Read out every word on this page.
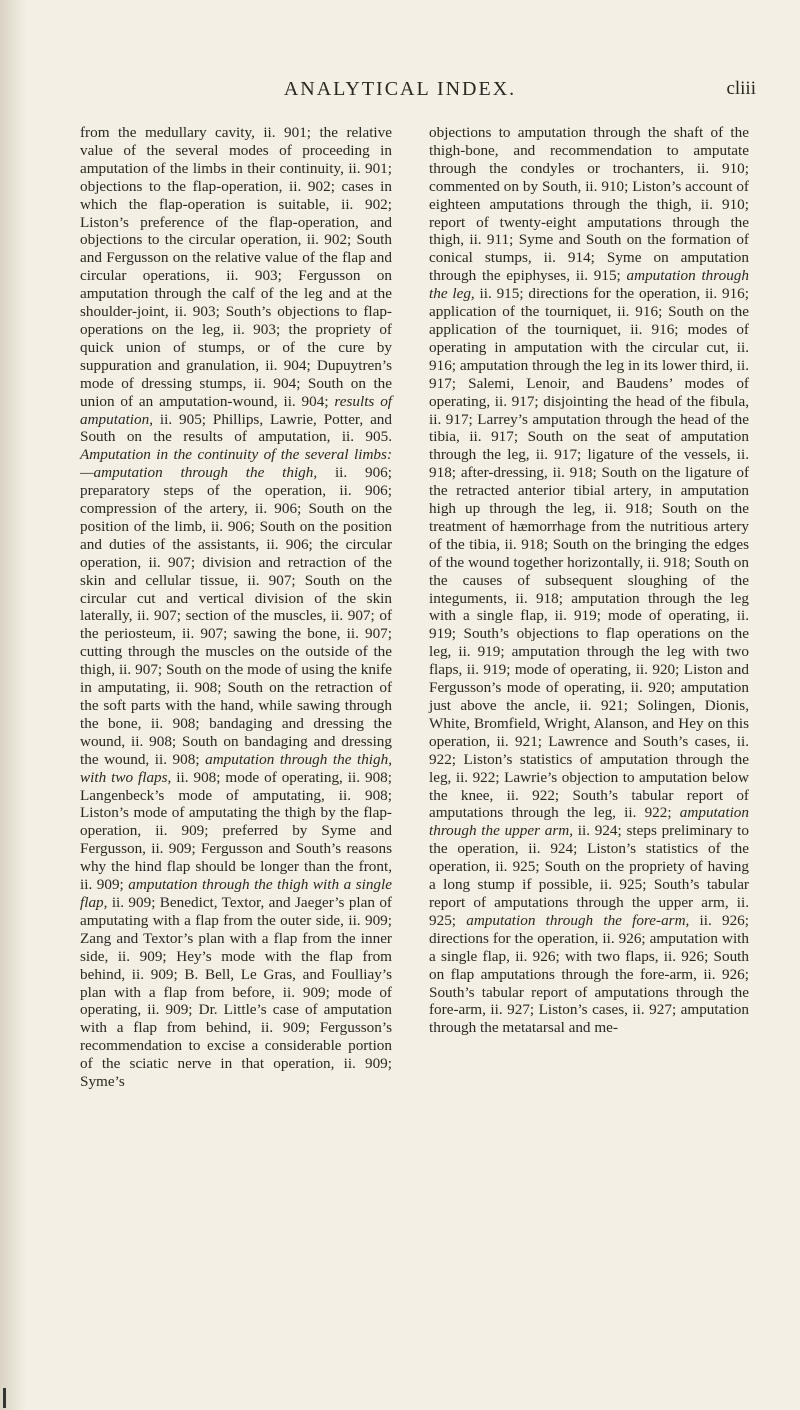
ANALYTICAL INDEX.	cliii
from the medullary cavity, ii. 901; the relative value of the several modes of proceeding in amputation of the limbs in their continuity, ii. 901; objections to the flap-operation, ii. 902; cases in which the flap-operation is suitable, ii. 902; Liston’s preference of the flap-operation, and objections to the circular operation, ii. 902; South and Fergusson on the relative value of the flap and circular operations, ii. 903; Fergusson on amputation through the calf of the leg and at the shoulder-joint, ii. 903; South’s objections to flap-operations on the leg, ii. 903; the propriety of quick union of stumps, or of the cure by suppuration and granulation, ii. 904; Dupuytren’s mode of dressing stumps, ii. 904; South on the union of an amputation-wound, ii. 904; results of amputation, ii. 905; Phillips, Lawrie, Potter, and South on the results of amputation, ii. 905. Amputation in the continuity of the several limbs:—amputation through the thigh, ii. 906; preparatory steps of the operation, ii. 906; compression of the artery, ii. 906; South on the position of the limb, ii. 906; South on the position and duties of the assistants, ii. 906; the circular operation, ii. 907; division and retraction of the skin and cellular tissue, ii. 907; South on the circular cut and vertical division of the skin laterally, ii. 907; section of the muscles, ii. 907; of the periosteum, ii. 907; sawing the bone, ii. 907; cutting through the muscles on the outside of the thigh, ii. 907; South on the mode of using the knife in amputating, ii. 908; South on the retraction of the soft parts with the hand, while sawing through the bone, ii. 908; bandaging and dressing the wound, ii. 908; South on bandaging and dressing the wound, ii. 908; amputation through the thigh, with two flaps, ii. 908; mode of operating, ii. 908; Langenbeck’s mode of amputating, ii. 908; Liston’s mode of amputating the thigh by the flap-operation, ii. 909; preferred by Syme and Fergusson, ii. 909; Fergusson and South’s reasons why the hind flap should be longer than the front, ii. 909; amputation through the thigh with a single flap, ii. 909; Benedict, Textor, and Jaeger’s plan of amputating with a flap from the outer side, ii. 909; Zang and Textor’s plan with a flap from the inner side, ii. 909; Hey’s mode with the flap from behind, ii. 909; B. Bell, Le Gras, and Foulliay’s plan with a flap from before, ii. 909; mode of operating, ii. 909; Dr. Little’s case of amputation with a flap from behind, ii. 909; Fergusson’s recommendation to excise a considerable portion of the sciatic nerve in that operation, ii. 909; Syme’s
objections to amputation through the shaft of the thigh-bone, and recommendation to amputate through the condyles or trochanters, ii. 910; commented on by South, ii. 910; Liston’s account of eighteen amputations through the thigh, ii. 910; report of twenty-eight amputations through the thigh, ii. 911; Syme and South on the formation of conical stumps, ii. 914; Syme on amputation through the epiphyses, ii. 915; amputation through the leg, ii. 915; directions for the operation, ii. 916; application of the tourniquet, ii. 916; South on the application of the tourniquet, ii. 916; modes of operating in amputation with the circular cut, ii. 916; amputation through the leg in its lower third, ii. 917; Salemi, Lenoir, and Baudens’ modes of operating, ii. 917; disjointing the head of the fibula, ii. 917; Larrey’s amputation through the head of the tibia, ii. 917; South on the seat of amputation through the leg, ii. 917; ligature of the vessels, ii. 918; after-dressing, ii. 918; South on the ligature of the retracted anterior tibial artery, in amputation high up through the leg, ii. 918; South on the treatment of hæmorrhage from the nutritious artery of the tibia, ii. 918; South on the bringing the edges of the wound together horizontally, ii. 918; South on the causes of subsequent sloughing of the integuments, ii. 918; amputation through the leg with a single flap, ii. 919; mode of operating, ii. 919; South’s objections to flap operations on the leg, ii. 919; amputation through the leg with two flaps, ii. 919; mode of operating, ii. 920; Liston and Fergusson’s mode of operating, ii. 920; amputation just above the ancle, ii. 921; Solingen, Dionis, White, Bromfield, Wright, Alanson, and Hey on this operation, ii. 921; Lawrence and South’s cases, ii. 922; Liston’s statistics of amputation through the leg, ii. 922; Lawrie’s objection to amputation below the knee, ii. 922; South’s tabular report of amputations through the leg, ii. 922; amputation through the upper arm, ii. 924; steps preliminary to the operation, ii. 924; Liston’s statistics of the operation, ii. 925; South on the propriety of having a long stump if possible, ii. 925; South’s tabular report of amputations through the upper arm, ii. 925; amputation through the fore-arm, ii. 926; directions for the operation, ii. 926; amputation with a single flap, ii. 926; with two flaps, ii. 926; South on flap amputations through the fore-arm, ii. 926; South’s tabular report of amputations through the fore-arm, ii. 927; Liston’s cases, ii. 927; amputation through the metatarsal and me-
